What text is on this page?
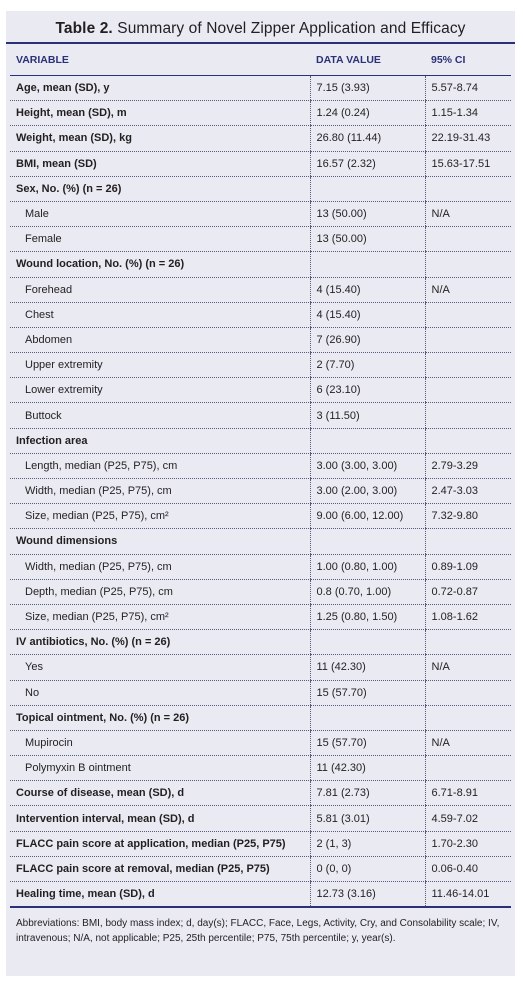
Table 2. Summary of Novel Zipper Application and Efficacy
VARIABLE	DATA VALUE	95% CI
Age, mean (SD), y	7.15 (3.93)	5.57-8.74
Height, mean (SD), m	1.24 (0.24)	1.15-1.34
Weight, mean (SD), kg	26.80 (11.44)	22.19-31.43
BMI, mean (SD)	16.57 (2.32)	15.63-17.51
Sex, No. (%) (n = 26)		
Male	13 (50.00)	N/A
Female	13 (50.00)	
Wound location, No. (%) (n = 26)		
Forehead	4 (15.40)	N/A
Chest	4 (15.40)	
Abdomen	7 (26.90)	
Upper extremity	2 (7.70)	
Lower extremity	6 (23.10)	
Buttock	3 (11.50)	
Infection area		
Length, median (P25, P75), cm	3.00 (3.00, 3.00)	2.79-3.29
Width, median (P25, P75), cm	3.00 (2.00, 3.00)	2.47-3.03
Size, median (P25, P75), cm²	9.00 (6.00, 12.00)	7.32-9.80
Wound dimensions		
Width, median (P25, P75), cm	1.00 (0.80, 1.00)	0.89-1.09
Depth, median (P25, P75), cm	0.8 (0.70, 1.00)	0.72-0.87
Size, median (P25, P75), cm²	1.25 (0.80, 1.50)	1.08-1.62
IV antibiotics, No. (%) (n = 26)		
Yes	11 (42.30)	N/A
No	15 (57.70)	
Topical ointment, No. (%) (n = 26)		
Mupirocin	15 (57.70)	N/A
Polymyxin B ointment	11 (42.30)	
Course of disease, mean (SD), d	7.81 (2.73)	6.71-8.91
Intervention interval, mean (SD), d	5.81 (3.01)	4.59-7.02
FLACC pain score at application, median (P25, P75)	2 (1, 3)	1.70-2.30
FLACC pain score at removal, median (P25, P75)	0 (0, 0)	0.06-0.40
Healing time, mean (SD), d	12.73 (3.16)	11.46-14.01
Abbreviations: BMI, body mass index; d, day(s); FLACC, Face, Legs, Activity, Cry, and Consolability scale; IV, intravenous; N/A, not applicable; P25, 25th percentile; P75, 75th percentile; y, year(s).
